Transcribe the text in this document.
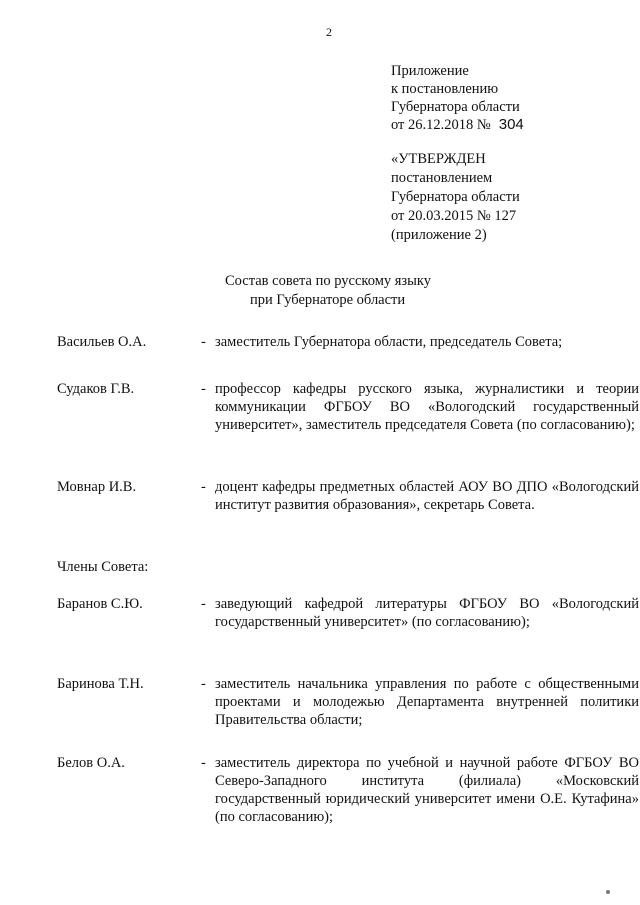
2
Приложение
к постановлению
Губернатора области
от 26.12.2018 № 304
«УТВЕРЖДЕН
постановлением
Губернатора области
от 20.03.2015 № 127
(приложение 2)
Состав совета по русскому языку
при Губернаторе области
Васильев О.А.	- заместитель Губернатора области, председатель Совета;
Судаков Г.В.	- профессор кафедры русского языка, журналистики и теории коммуникации ФГБОУ ВО «Вологодский государственный университет», заместитель председателя Совета (по согласованию);
Мовнар И.В.	- доцент кафедры предметных областей АОУ ВО ДПО «Вологодский институт развития образования», секретарь Совета.
Члены Совета:
Баранов С.Ю.	- заведующий кафедрой литературы ФГБОУ ВО «Вологодский государственный университет» (по согласованию);
Баринова Т.Н.	- заместитель начальника управления по работе с общественными проектами и молодежью Департамента внутренней политики Правительства области;
Белов О.А.	- заместитель директора по учебной и научной работе ФГБОУ ВО Северо-Западного института (филиала) «Московский государственный юридический университет имени О.Е. Кутафина» (по согласованию);
